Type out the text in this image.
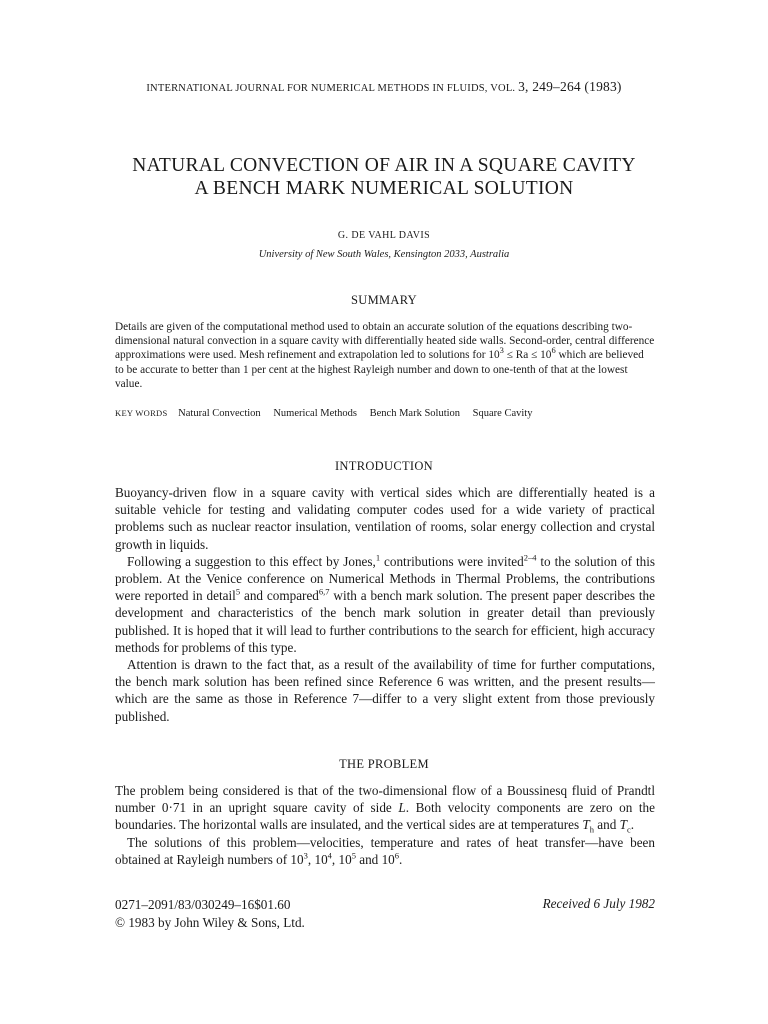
INTERNATIONAL JOURNAL FOR NUMERICAL METHODS IN FLUIDS, VOL. 3, 249–264 (1983)
NATURAL CONVECTION OF AIR IN A SQUARE CAVITY
A BENCH MARK NUMERICAL SOLUTION
G. DE VAHL DAVIS
University of New South Wales, Kensington 2033, Australia
SUMMARY
Details are given of the computational method used to obtain an accurate solution of the equations describing two-dimensional natural convection in a square cavity with differentially heated side walls. Second-order, central difference approximations were used. Mesh refinement and extrapolation led to solutions for $10^3 \le Ra \le 10^6$ which are believed to be accurate to better than 1 per cent at the highest Rayleigh number and down to one-tenth of that at the lowest value.
KEY WORDS Natural Convection Numerical Methods Bench Mark Solution Square Cavity
INTRODUCTION

Buoyancy-driven flow in a square cavity with vertical sides which are differentially heated is a suitable vehicle for testing and validating computer codes used for a wide variety of practical problems such as nuclear reactor insulation, ventilation of rooms, solar energy collection and crystal growth in liquids.

Following a suggestion to this effect by Jones,$^1$ contributions were invited$^{2-4}$ to the solution of this problem. At the Venice conference on Numerical Methods in Thermal Problems, the contributions were reported in detail$^5$ and compared$^{6,7}$ with a bench mark solution. The present paper describes the development and characteristics of the bench mark solution in greater detail than previously published. It is hoped that it will lead to further contributions to the search for efficient, high accuracy methods for problems of this type.

Attention is drawn to the fact that, as a result of the availability of time for further computations, the bench mark solution has been refined since Reference 6 was written, and the present results—which are the same as those in Reference 7—differ to a very slight extent from those previously published.

THE PROBLEM

The problem being considered is that of the two-dimensional flow of a Boussinesq fluid of Prandtl number 0·71 in an upright square cavity of side L. Both velocity components are zero on the boundaries. The horizontal walls are insulated, and the vertical sides are at temperatures $T_h$ and $T_c$.

The solutions of this problem—velocities, temperature and rates of heat transfer—have been obtained at Rayleigh numbers of $10^3$, $10^4$, $10^5$ and $10^6$.

0271–2091/83/030249–16$01.60
© 1983 by John Wiley & Sons, Ltd.
Received 6 July 1982
